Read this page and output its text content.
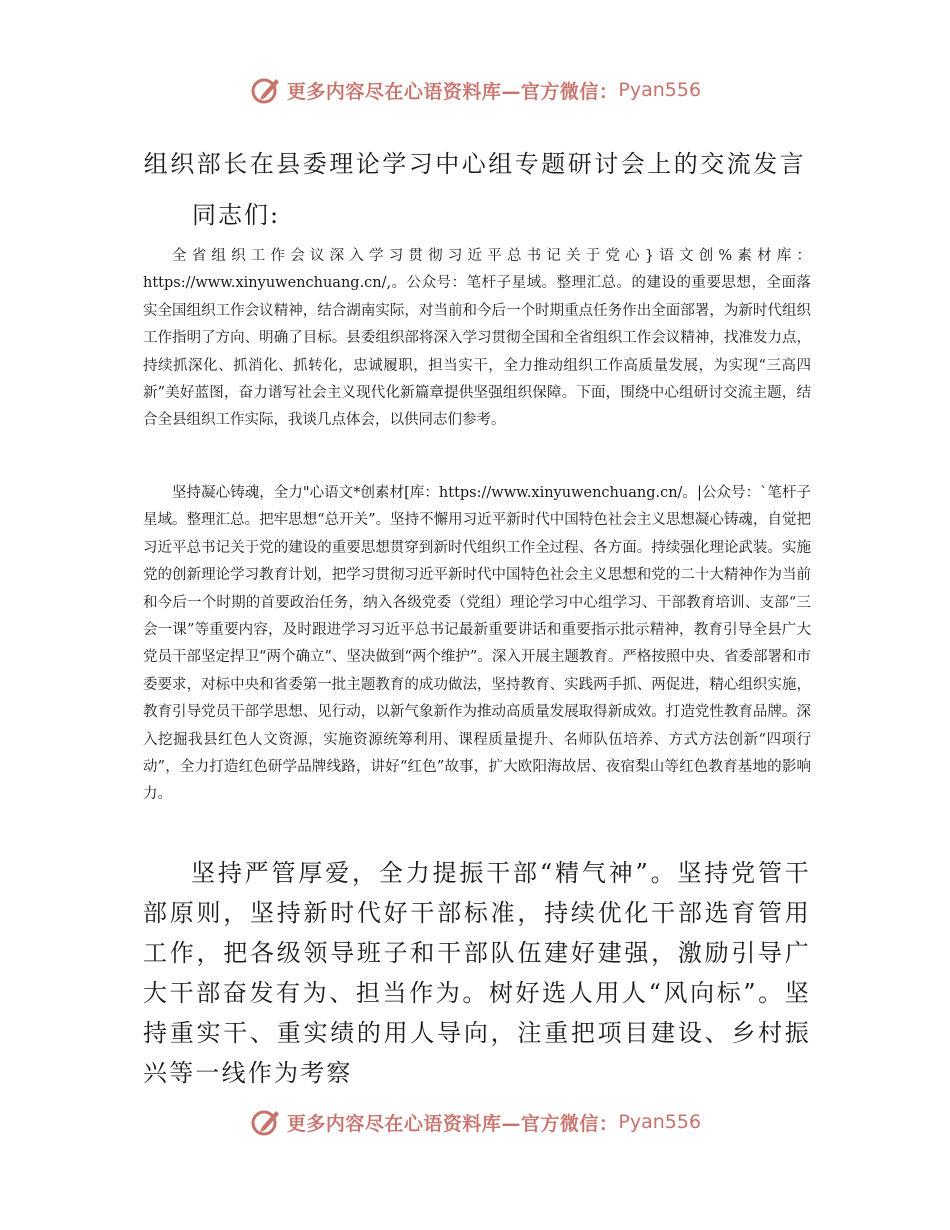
更多内容尽在心语资料库—官方微信： Pyan556
组织部长在县委理论学习中心组专题研讨会上的交流发言

同志们:

全省组织工作会议深入学习贯彻习近平总书记关于党心}语文创%素材库：https://www.xinyuwenchuang.cn/,。公众号：笔杆子星域。整理汇总。的建设的重要思想，全面落实全国组织工作会议精神，结合湖南实际，对当前和今后一个时期重点任务作出全面部署，为新时代组织工作指明了方向、明确了目标。县委组织部将深入学习贯彻全国和全省组织工作会议精神，找准发力点，持续抓深化、抓消化、抓转化，忠诚履职，担当实干，全力推动组织工作高质量发展，为实现“三高四新”美好蓝图，奋力谱写社会主义现代化新篇章提供坚强组织保障。下面，围绕中心组研讨交流主题，结合全县组织工作实际，我谈几点体会，以供同志们参考。

坚持凝心铸魂，全力"心语文*创素材[库：https://www.xinyuwenchuang.cn/。|公众号：`笔杆子星域。整理汇总。把牢思想“总开关”。坚持不懈用习近平新时代中国特色社会主义思想凝心铸魂，自觉把习近平总书记关于党的建设的重要思想贯穿到新时代组织工作全过程、各方面。持续强化理论武装。实施党的创新理论学习教育计划，把学习贯彻习近平新时代中国特色社会主义思想和党的二十大精神作为当前和今后一个时期的首要政治任务，纳入各级党委（党组）理论学习中心组学习、干部教育培训、支部“三会一课”等重要内容，及时跟进学习习近平总书记最新重要讲话和重要指示批示精神，教育引导全县广大党员干部坚定捍卫“两个确立”、坚决做到“两个维护”。深入开展主题教育。严格按照中央、省委部署和市委要求，对标中央和省委第一批主题教育的成功做法，坚持教育、实践两手抓、两促进，精心组织实施，教育引导党员干部学思想、见行动，以新气象新作为推动高质量发展取得新成效。打造党性教育品牌。深入挖掘我县红色人文资源，实施资源统筹利用、课程质量提升、名师队伍培养、方式方法创新“四项行动”，全力打造红色研学品牌线路，讲好“红色”故事，扩大欧阳海故居、夜宿梨山等红色教育基地的影响力。

坚持严管厚爱，全力提振干部“精气神”。坚持党管干部原则，坚持新时代好干部标准，持续优化干部选育管用工作，把各级领导班子和干部队伍建好建强，激励引导广大干部奋发有为、担当作为。树好选人用人“风向标”。坚持重实干、重实绩的用人导向，注重把项目建设、乡村振兴等一线作为考察

更多内容尽在心语资料库—官方微信： Pyan556
